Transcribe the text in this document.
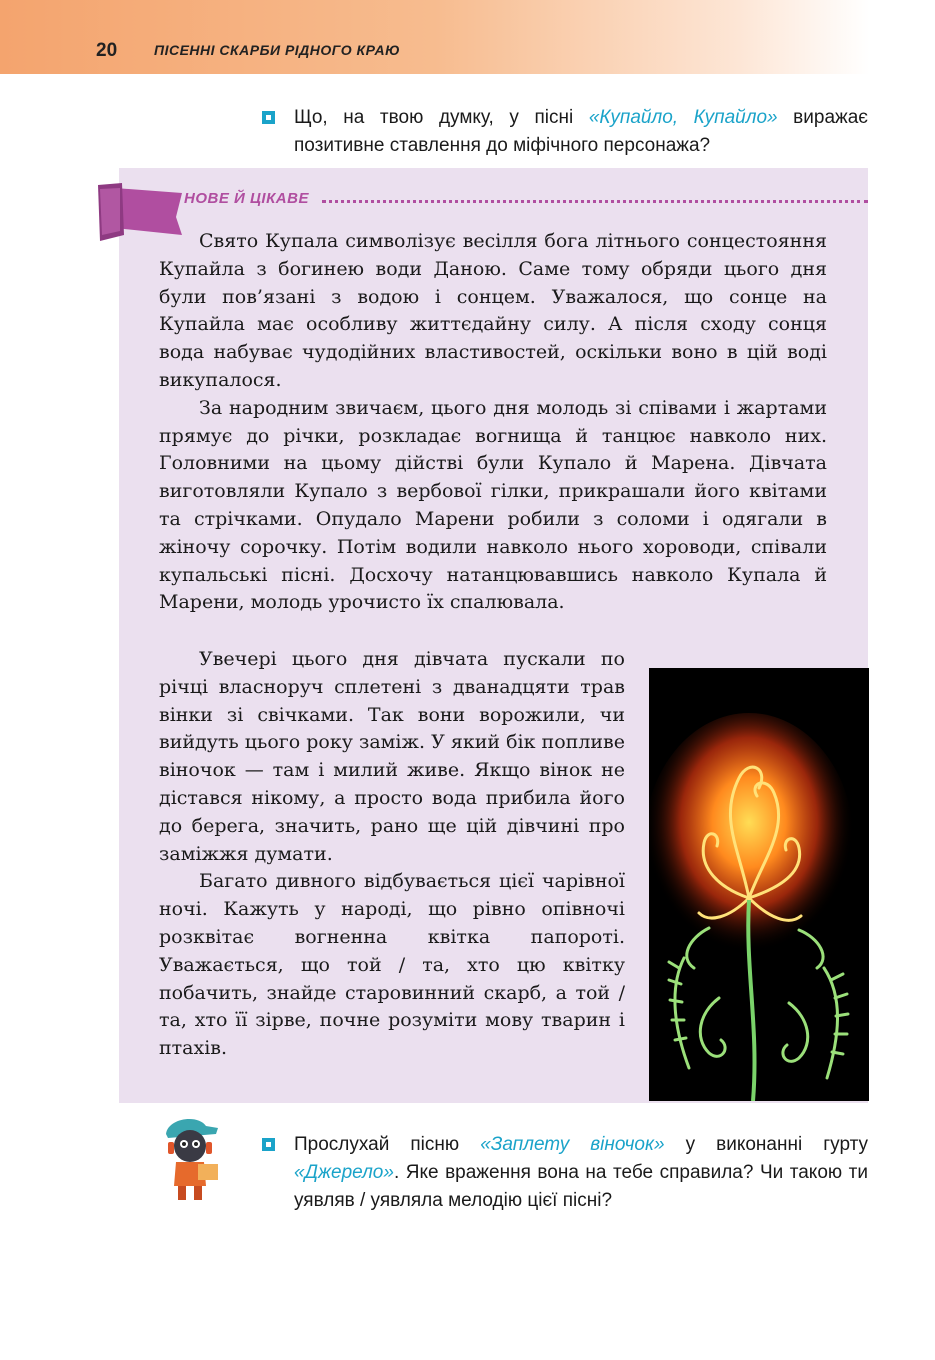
20	ПІСЕННІ СКАРБИ РІДНОГО КРАЮ
Що, на твою думку, у пісні «Купайло, Купайло» виражає позитивне ставлення до міфічного персонажа?
НОВЕ Й ЦІКАВЕ

Свято Купала символізує весілля бога літнього сонцестояння Купайла з богинею води Даною. Саме тому обряди цього дня були пов’язані з водою і сонцем. Уважалося, що сонце на Купайла має особливу життєдайну силу. А після сходу сонця вода набуває чудодійних властивостей, оскільки воно в цій воді викупалося.

За народним звичаєм, цього дня молодь зі співами і жартами прямує до річки, розкладає вогнища й танцює навколо них. Головними на цьому дійстві були Купало й Марена. Дівчата виготовляли Купало з вербової гілки, прикрашали його квітами та стрічками. Опудало Марени робили з соломи і одягали в жіночу сорочку. Потім водили навколо нього хороводи, співали купальські пісні. Досхочу натанцювавшись навколо Купала й Марени, молодь урочисто їх спалювала.

Увечері цього дня дівчата пускали по річці власноруч сплетені з дванадцяти трав вінки зі свічками. Так вони ворожили, чи вийдуть цього року заміж. У який бік попливе віночок — там і милий живе. Якщо вінок не дістався нікому, а просто вода прибила його до берега, значить, рано ще цій дівчині про заміжжя думати.

Багато дивного відбувається цієї чарівної ночі. Кажуть у народі, що рівно опівночі розквітає вогненна квітка папороті. Уважається, що той / та, хто цю квітку побачить, знайде старовинний скарб, а той / та, хто її зірве, почне розуміти мову тварин і птахів.

Прослухай пісню «Заплету віночок» у виконанні гурту «Джерело». Яке враження вона на тебе справила? Чи такою ти уявляв / уявляла мелодію цієї пісні?
